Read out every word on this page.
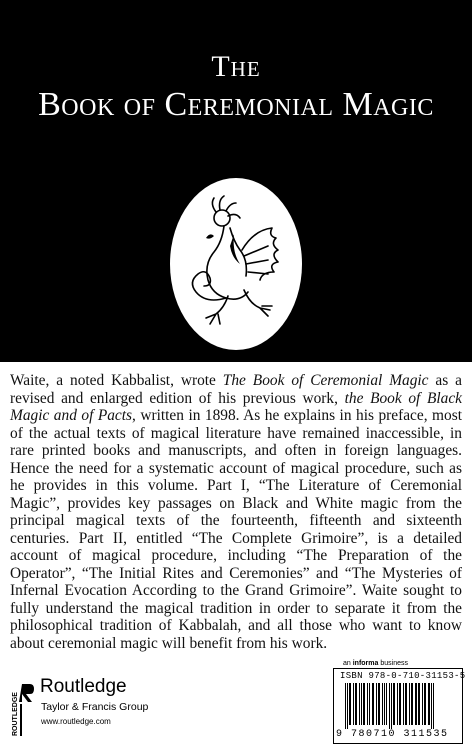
The
Book of Ceremonial Magic
Waite, a noted Kabbalist, wrote The Book of Ceremonial Magic as a revised and enlarged edition of his previous work, the Book of Black Magic and of Pacts, written in 1898. As he explains in his preface, most of the actual texts of magical literature have remained inaccessible, in rare printed books and manuscripts, and often in foreign languages. Hence the need for a systematic account of magical procedure, such as he provides in this volume. Part I, “The Literature of Ceremonial Magic”, provides key passages on Black and White magic from the principal magical texts of the fourteenth, fifteenth and sixteenth centuries. Part II, entitled “The Complete Grimoire”, is a detailed account of magical procedure, including “The Preparation of the Operator”, “The Initial Rites and Ceremonies” and “The Mysteries of Infernal Evocation According to the Grand Grimoire”. Waite sought to fully understand the magical tradition in order to separate it from the philosophical tradition of Kabbalah, and all those who want to know about ceremonial magic will benefit from his work.
an informa business
ISBN 978-0-710-31153-5
9 780710 311535
ROUTLEDGE
Routledge
Taylor & Francis Group
www.routledge.com
